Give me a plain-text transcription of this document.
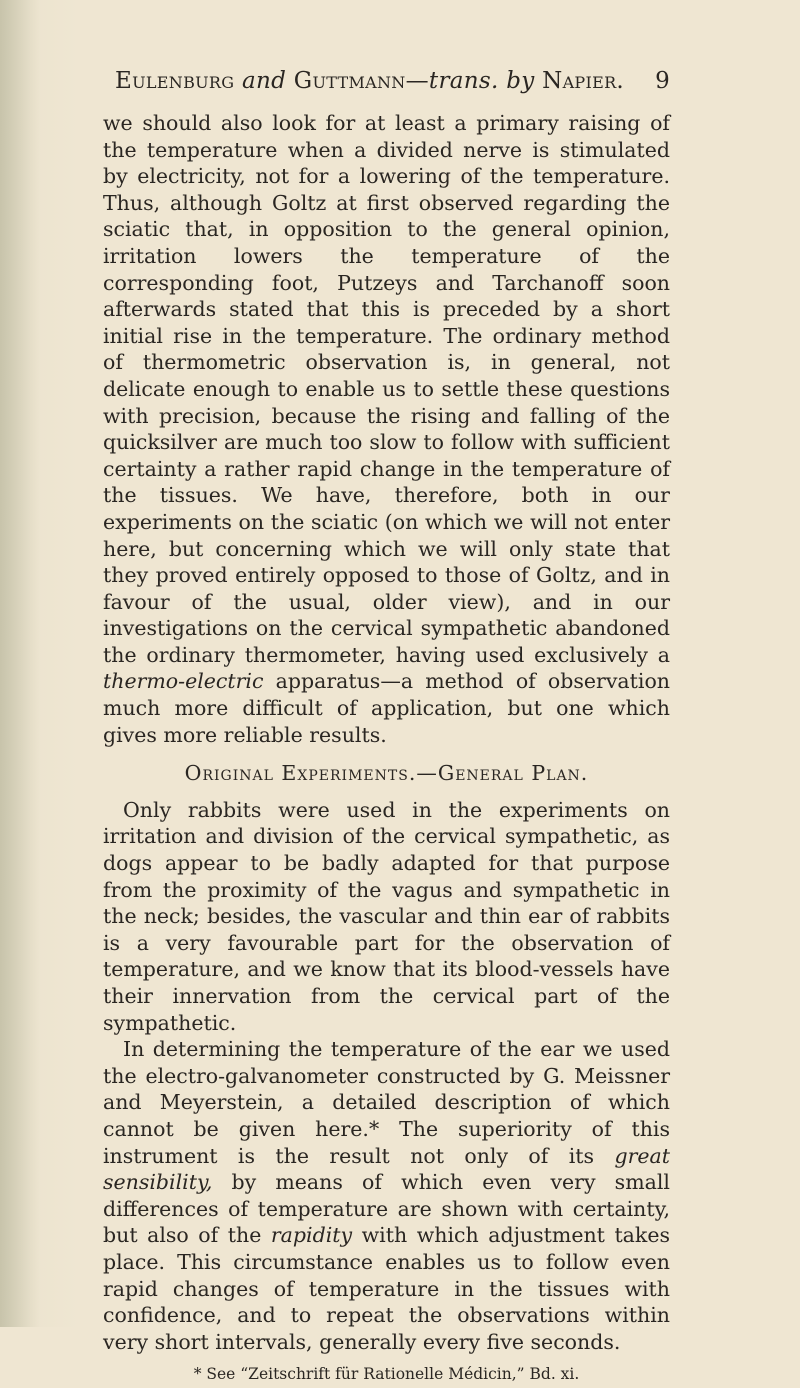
Eulenburg and Guttmann—trans. by Napier. 9

we should also look for at least a primary raising of the temperature when a divided nerve is stimulated by electricity, not for a lowering of the temperature. Thus, although Goltz at first observed regarding the sciatic that, in opposition to the general opinion, irritation lowers the temperature of the corresponding foot, Putzeys and Tarchanoff soon afterwards stated that this is preceded by a short initial rise in the temperature. The ordinary method of thermometric observation is, in general, not delicate enough to enable us to settle these questions with precision, because the rising and falling of the quicksilver are much too slow to follow with sufficient certainty a rather rapid change in the temperature of the tissues. We have, therefore, both in our experiments on the sciatic (on which we will not enter here, but concerning which we will only state that they proved entirely opposed to those of Goltz, and in favour of the usual, older view), and in our investigations on the cervical sympathetic abandoned the ordinary thermometer, having used exclusively a thermo-electric apparatus—a method of observation much more difficult of application, but one which gives more reliable results.

Original Experiments.—General Plan.

Only rabbits were used in the experiments on irritation and division of the cervical sympathetic, as dogs appear to be badly adapted for that purpose from the proximity of the vagus and sympathetic in the neck; besides, the vascular and thin ear of rabbits is a very favourable part for the observation of temperature, and we know that its blood-vessels have their innervation from the cervical part of the sympathetic.

In determining the temperature of the ear we used the electro-galvanometer constructed by G. Meissner and Meyerstein, a detailed description of which cannot be given here.* The superiority of this instrument is the result not only of its great sensibility, by means of which even very small differences of temperature are shown with certainty, but also of the rapidity with which adjustment takes place. This circumstance enables us to follow even rapid changes of temperature in the tissues with confidence, and to repeat the observations within very short intervals, generally every five seconds.

* See “Zeitschrift für Rationelle Médicin,” Bd. xi.
